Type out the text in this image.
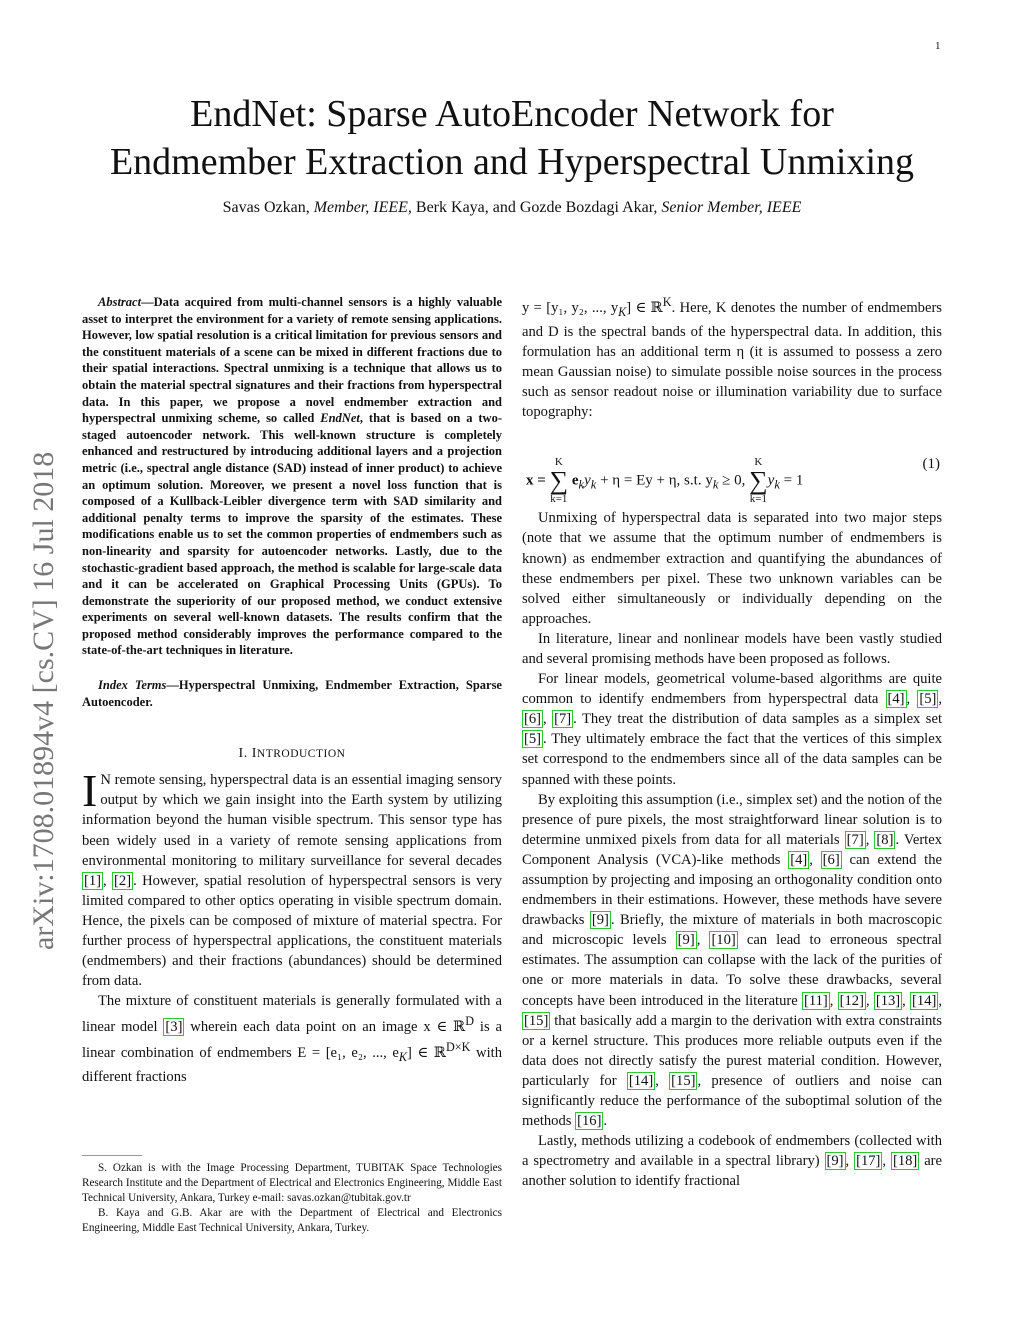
1
arXiv:1708.01894v4 [cs.CV] 16 Jul 2018
EndNet: Sparse AutoEncoder Network for
Endmember Extraction and Hyperspectral Unmixing
Savas Ozkan, Member, IEEE, Berk Kaya, and Gozde Bozdagi Akar, Senior Member, IEEE

Abstract—Data acquired from multi-channel sensors is a highly valuable asset to interpret the environment for a variety of remote sensing applications. However, low spatial resolution is a critical limitation for previous sensors and the constituent materials of a scene can be mixed in different fractions due to their spatial interactions. Spectral unmixing is a technique that allows us to obtain the material spectral signatures and their fractions from hyperspectral data. In this paper, we propose a novel endmember extraction and hyperspectral unmixing scheme, so called EndNet, that is based on a two-staged autoencoder network. This well-known structure is completely enhanced and restructured by introducing additional layers and a projection metric (i.e., spectral angle distance (SAD) instead of inner product) to achieve an optimum solution. Moreover, we present a novel loss function that is composed of a Kullback-Leibler divergence term with SAD similarity and additional penalty terms to improve the sparsity of the estimates. These modifications enable us to set the common properties of endmembers such as non-linearity and sparsity for autoencoder networks. Lastly, due to the stochastic-gradient based approach, the method is scalable for large-scale data and it can be accelerated on Graphical Processing Units (GPUs). To demonstrate the superiority of our proposed method, we conduct extensive experiments on several well-known datasets. The results confirm that the proposed method considerably improves the performance compared to the state-of-the-art techniques in literature.

Index Terms—Hyperspectral Unmixing, Endmember Extraction, Sparse Autoencoder.

I. INTRODUCTION

I N remote sensing, hyperspectral data is an essential imaging sensory output by which we gain insight into the Earth system by utilizing information beyond the human visible spectrum. This sensor type has been widely used in a variety of remote sensing applications from environmental monitoring to military surveillance for several decades [1] , [2] . However, spatial resolution of hyperspectral sensors is very limited compared to other optics operating in visible spectrum domain. Hence, the pixels can be composed of mixture of material spectra. For further process of hyperspectral applications, the constituent materials (endmembers) and their fractions (abundances) should be determined from data.

The mixture of constituent materials is generally formulated with a linear model [3] wherein each data point on an image x ∈ ℝ$^D$ is a linear combination of endmembers E = [e₁, e₂, ..., $e_K$] ∈ ℝ$^{D\times K}$ with different fractions

S. Ozkan is with the Image Processing Department, TUBITAK Space Technologies Research Institute and the Department of Electrical and Electronics Engineering, Middle East Technical University, Ankara, Turkey e-mail: savas.ozkan@tubitak.gov.tr

B. Kaya and G.B. Akar are with the Department of Electrical and Electronics Engineering, Middle East Technical University, Ankara, Turkey.

y = [y₁, y₂, ..., $y_K$] ∈ ℝ$^K$. Here, K denotes the number of endmembers and D is the spectral bands of the hyperspectral data. In addition, this formulation has an additional term η (it is assumed to possess a zero mean Gaussian noise) to simulate possible noise sources in the process such as sensor readout noise or illumination variability due to surface topography:

x =
K
∑
k=1
$e_ky_k + \eta = Ey + \eta$, s.t. $y_k \ge 0$,
K
∑
k=1
$y_k = 1$
(1)

Unmixing of hyperspectral data is separated into two major steps (note that we assume that the optimum number of endmembers is known) as endmember extraction and quantifying the abundances of these endmembers per pixel. These two unknown variables can be solved either simultaneously or individually depending on the approaches.

In literature, linear and nonlinear models have been vastly studied and several promising methods have been proposed as follows.

For linear models, geometrical volume-based algorithms are quite common to identify endmembers from hyperspectral data [4] , [5] , [6] , [7] . They treat the distribution of data samples as a simplex set [5] . They ultimately embrace the fact that the vertices of this simplex set correspond to the endmembers since all of the data samples can be spanned with these points.

By exploiting this assumption (i.e., simplex set) and the notion of the presence of pure pixels, the most straightforward linear solution is to determine unmixed pixels from data for all materials [7] , [8] . Vertex Component Analysis (VCA)-like methods [4] , [6] can extend the assumption by projecting and imposing an orthogonality condition onto endmembers in their estimations. However, these methods have severe drawbacks [9] . Briefly, the mixture of materials in both macroscopic and microscopic levels [9] , [10] can lead to erroneous spectral estimates. The assumption can collapse with the lack of the purities of one or more materials in data. To solve these drawbacks, several concepts have been introduced in the literature [11] , [12] , [13] , [14] , [15] that basically add a margin to the derivation with extra constraints or a kernel structure. This produces more reliable outputs even if the data does not directly satisfy the purest material condition. However, particularly for [14] , [15] , presence of outliers and noise can significantly reduce the performance of the suboptimal solution of the methods [16] .

Lastly, methods utilizing a codebook of endmembers (collected with a spectrometry and available in a spectral library) [9] , [17] , [18] are another solution to identify fractional
